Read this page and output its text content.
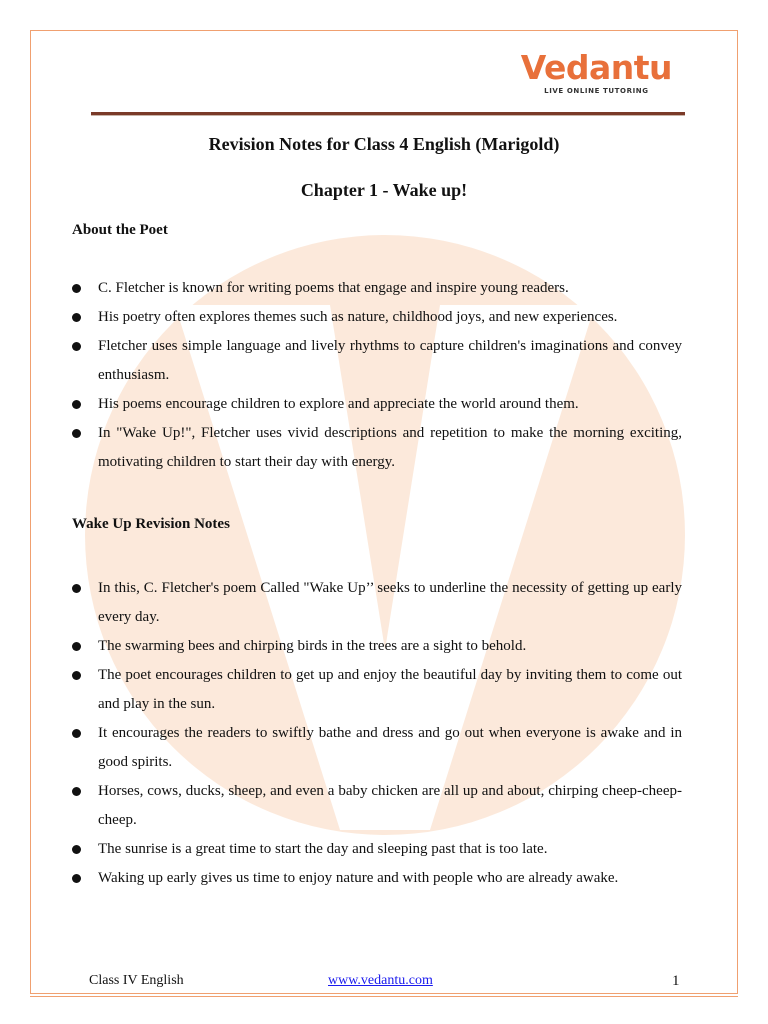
Vedantu
LIVE ONLINE TUTORING
Revision Notes for Class 4 English (Marigold)
Chapter 1 - Wake up!
About the Poet
C. Fletcher is known for writing poems that engage and inspire young readers.
His poetry often explores themes such as nature, childhood joys, and new experiences.
Fletcher uses simple language and lively rhythms to capture children's imaginations and convey enthusiasm.
His poems encourage children to explore and appreciate the world around them.
In "Wake Up!", Fletcher uses vivid descriptions and repetition to make the morning exciting, motivating children to start their day with energy.
Wake Up Revision Notes
In this, C. Fletcher's poem Called "Wake Up’’ seeks to underline the necessity of getting up early every day.
The swarming bees and chirping birds in the trees are a sight to behold.
The poet encourages children to get up and enjoy the beautiful day by inviting them to come out and play in the sun.
It encourages the readers to swiftly bathe and dress and go out when everyone is awake and in good spirits.
Horses, cows, ducks, sheep, and even a baby chicken are all up and about, chirping cheep-cheep-cheep.
The sunrise is a great time to start the day and sleeping past that is too late.
Waking up early gives us time to enjoy nature and with people who are already awake.
Class IV English	www.vedantu.com	1
